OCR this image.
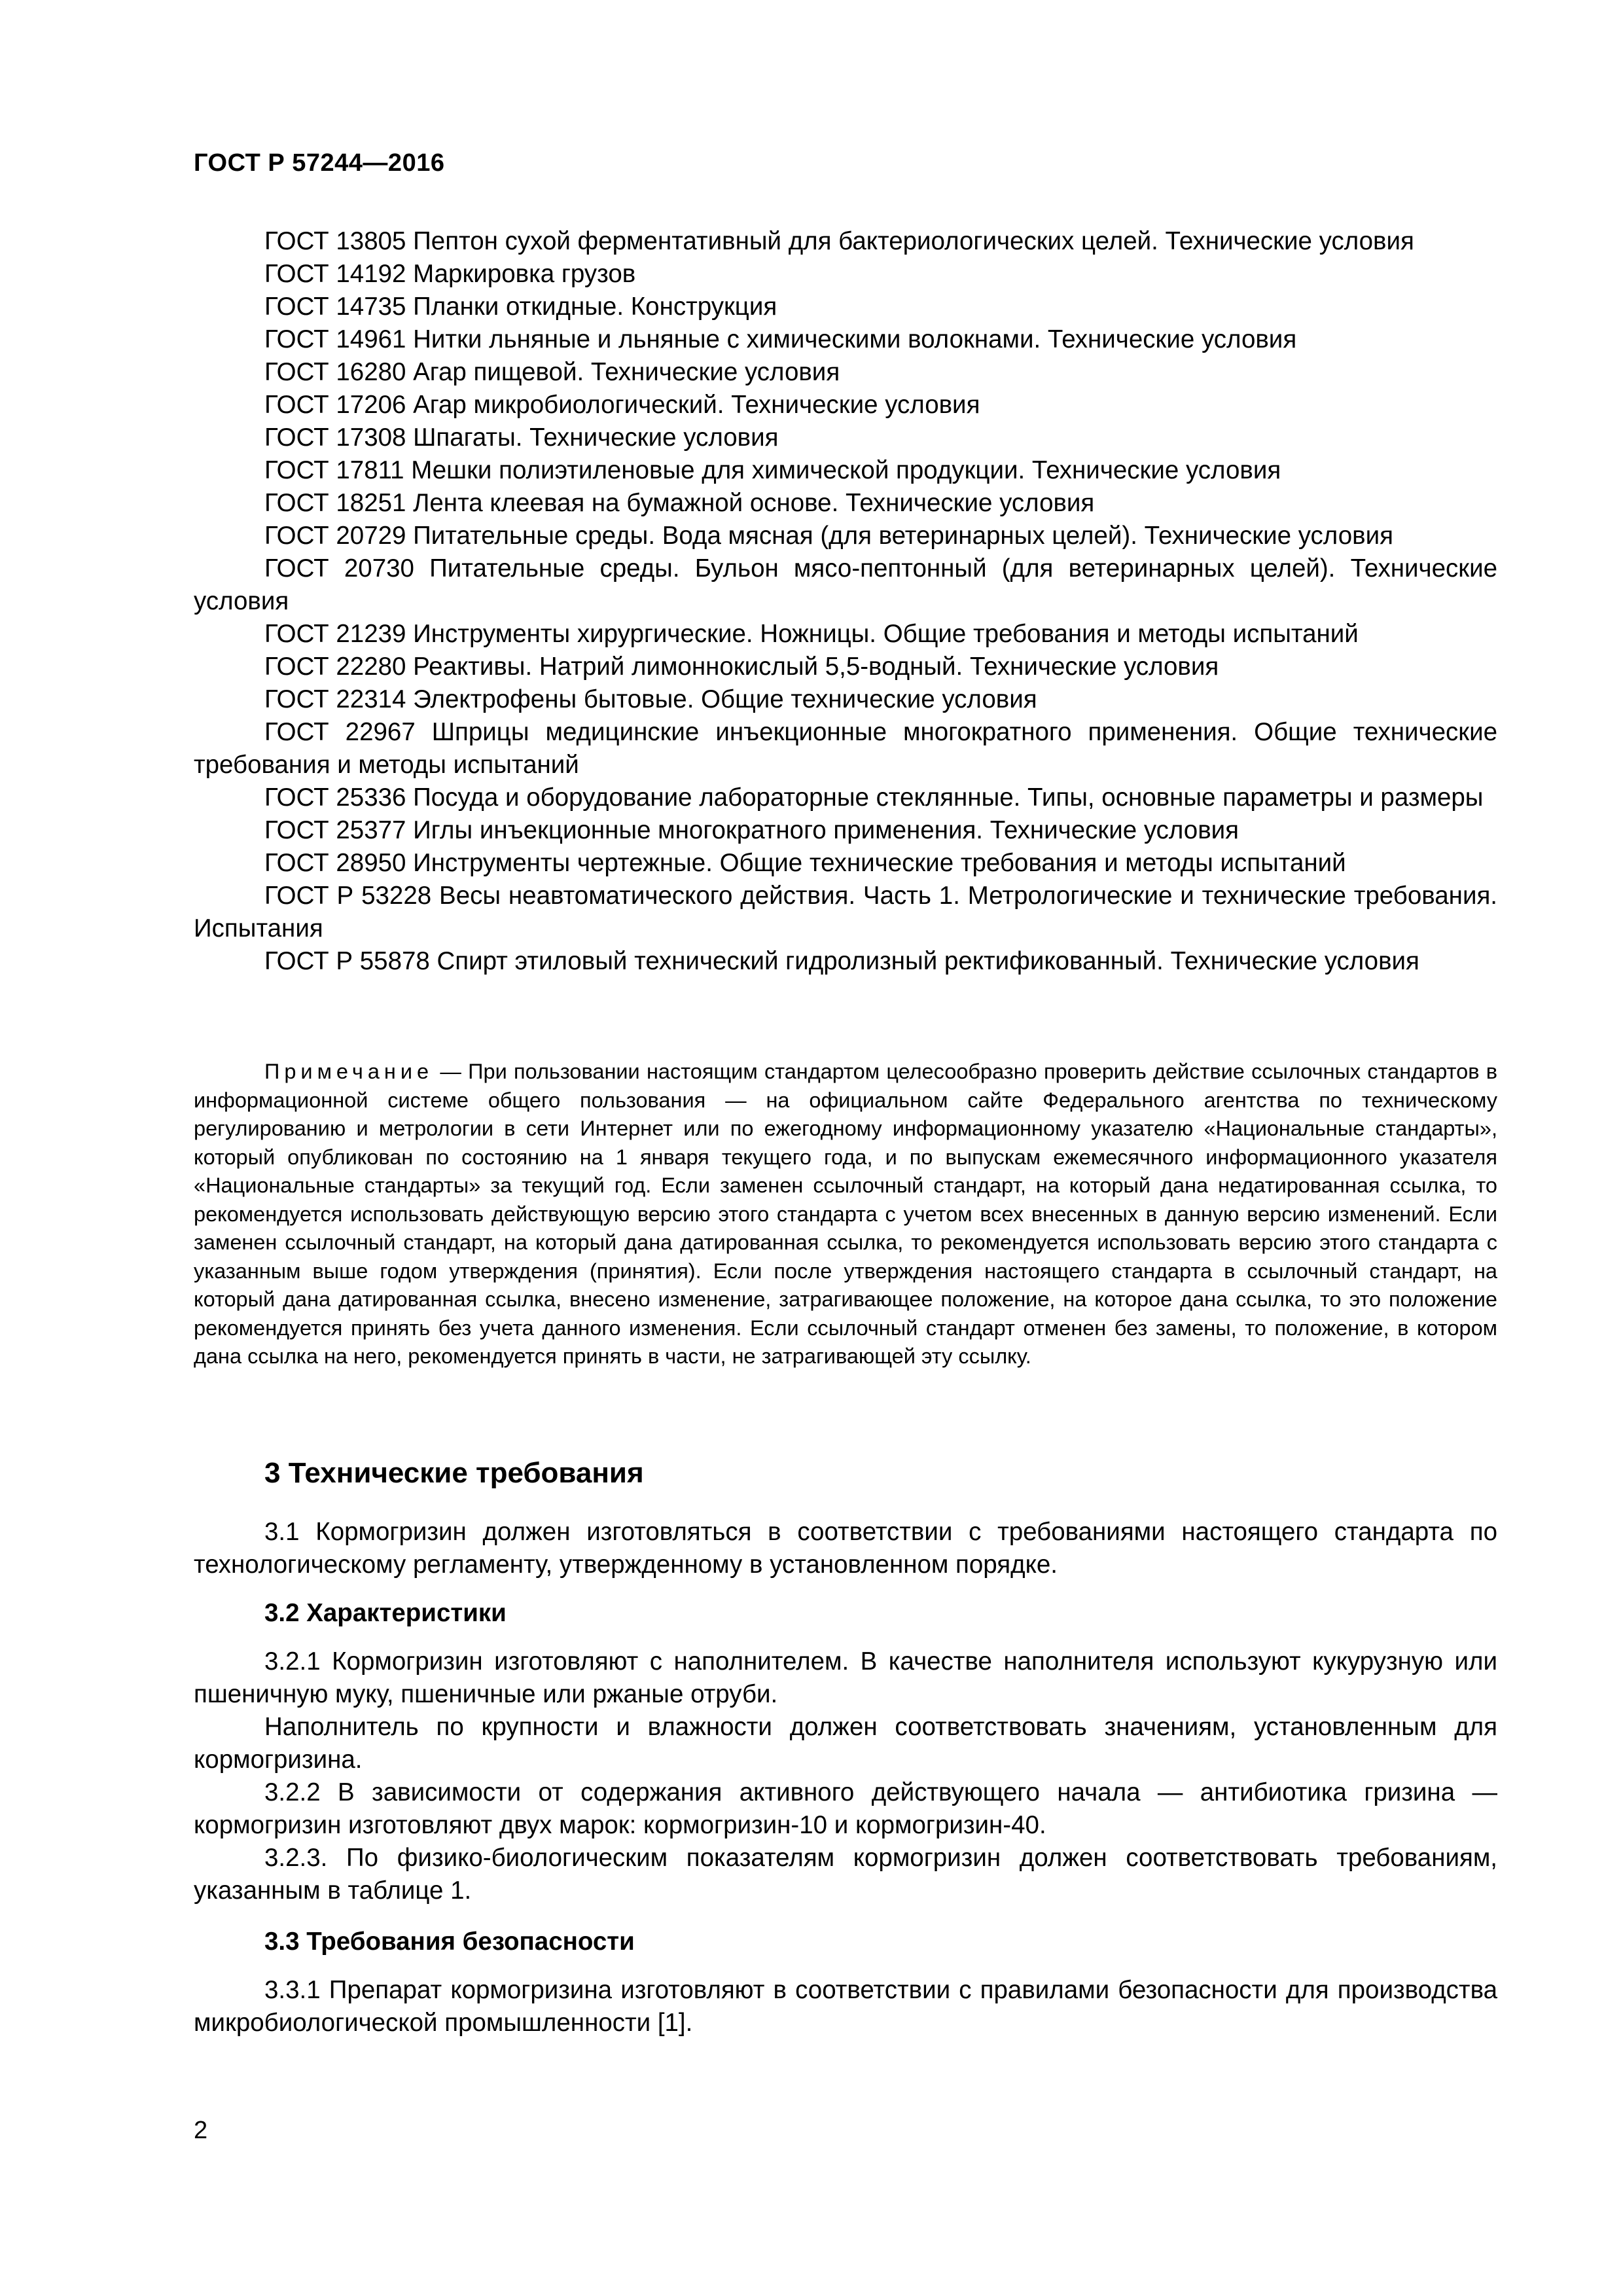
ГОСТ Р 57244—2016

ГОСТ 13805 Пептон сухой ферментативный для бактериологических целей. Технические условия

ГОСТ 14192 Маркировка грузов

ГОСТ 14735 Планки откидные. Конструкция

ГОСТ 14961 Нитки льняные и льняные с химическими волокнами. Технические условия

ГОСТ 16280 Агар пищевой. Технические условия

ГОСТ 17206 Агар микробиологический. Технические условия

ГОСТ 17308 Шпагаты. Технические условия

ГОСТ 17811 Мешки полиэтиленовые для химической продукции. Технические условия

ГОСТ 18251 Лента клеевая на бумажной основе. Технические условия

ГОСТ 20729 Питательные среды. Вода мясная (для ветеринарных целей). Технические условия

ГОСТ 20730 Питательные среды. Бульон мясо-пептонный (для ветеринарных целей). Технические условия

ГОСТ 21239 Инструменты хирургические. Ножницы. Общие требования и методы испытаний

ГОСТ 22280 Реактивы. Натрий лимоннокислый 5,5-водный. Технические условия

ГОСТ 22314 Электрофены бытовые. Общие технические условия

ГОСТ 22967 Шприцы медицинские инъекционные многократного применения. Общие технические требования и методы испытаний

ГОСТ 25336 Посуда и оборудование лабораторные стеклянные. Типы, основные параметры и размеры

ГОСТ 25377 Иглы инъекционные многократного применения. Технические условия

ГОСТ 28950 Инструменты чертежные. Общие технические требования и методы испытаний

ГОСТ Р 53228 Весы неавтоматического действия. Часть 1. Метрологические и технические требования. Испытания

ГОСТ Р 55878 Спирт этиловый технический гидролизный ректификованный. Технические условия

Примечание — При пользовании настоящим стандартом целесообразно проверить действие ссылочных стандартов в информационной системе общего пользования — на официальном сайте Федерального агентства по техническому регулированию и метрологии в сети Интернет или по ежегодному информационному указателю «Национальные стандарты», который опубликован по состоянию на 1 января текущего года, и по выпускам ежемесячного информационного указателя «Национальные стандарты» за текущий год. Если заменен ссылочный стандарт, на который дана недатированная ссылка, то рекомендуется использовать действующую версию этого стандарта с учетом всех внесенных в данную версию изменений. Если заменен ссылочный стандарт, на который дана датированная ссылка, то рекомендуется использовать версию этого стандарта с указанным выше годом утверждения (принятия). Если после утверждения настоящего стандарта в ссылочный стандарт, на который дана датированная ссылка, внесено изменение, затрагивающее положение, на которое дана ссылка, то это положение рекомендуется принять без учета данного изменения. Если ссылочный стандарт отменен без замены, то положение, в котором дана ссылка на него, рекомендуется принять в части, не затрагивающей эту ссылку.

3 Технические требования

3.1 Кормогризин должен изготовляться в соответствии с требованиями настоящего стандарта по технологическому регламенту, утвержденному в установленном порядке.

3.2 Характеристики

3.2.1 Кормогризин изготовляют с наполнителем. В качестве наполнителя используют кукурузную или пшеничную муку, пшеничные или ржаные отруби.

Наполнитель по крупности и влажности должен соответствовать значениям, установленным для кормогризина.

3.2.2 В зависимости от содержания активного действующего начала — антибиотика гризина — кормогризин изготовляют двух марок: кормогризин-10 и кормогризин-40.

3.2.3. По физико-биологическим показателям кормогризин должен соответствовать требованиям, указанным в таблице 1.

3.3 Требования безопасности

3.3.1 Препарат кормогризина изготовляют в соответствии с правилами безопасности для производства микробиологической промышленности [1].

2
